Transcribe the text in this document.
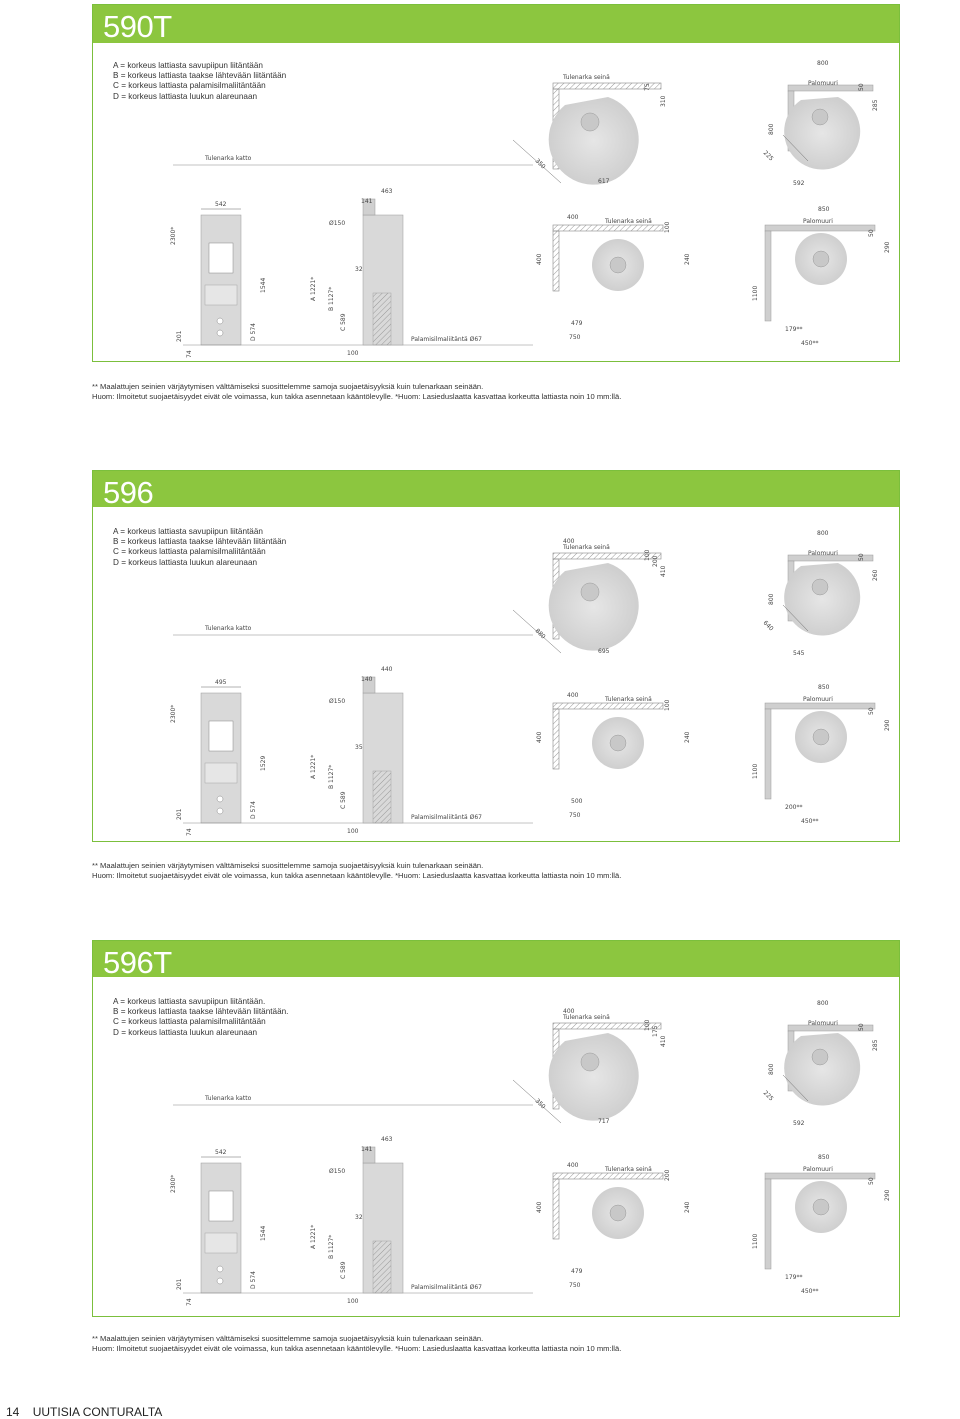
14 UUTISIA CONTURALTA
590T
A = korkeus lattiasta savupiipun liitäntään
B = korkeus lattiasta taakse lähtevään liitäntään
C = korkeus lattiasta palamisilmaliitäntään
D = korkeus lattiasta luukun alareunaan
Tulenarka seinä
75
310
350
617
Palomuuri
800
50
285
800
225
592
Tulenarka katto
542
2300*
1544
D 574
201
74
463
141
Ø150
32
A 1221* B 1127*
C 589
100
Palamisilmaliitäntä Ø67
400
Tulenarka seinä
100
240
400
479
750
850
Palomuuri
50
290
1100
179**
450**
** Maalattujen seinien värjäytymisen välttämiseksi suosittelemme samoja suojaetäisyyksiä kuin tulenarkaan seinään.
Huom: Ilmoitetut suojaetäisyydet eivät ole voimassa, kun takka asennetaan kääntölevylle. *Huom: Lasieduslaatta kasvattaa korkeutta lattiasta noin 10 mm:llä.
596
A = korkeus lattiasta savupiipun liitäntään
B = korkeus lattiasta taakse lähtevään liitäntään
C = korkeus lattiasta palamisilmaliitäntään
D = korkeus lattiasta luukun alareunaan
Tulenarka seinä
100
410
400
200
880
695
Palomuuri
800
50
260
800
640
545
Tulenarka katto
495
2300*
1529
D 574
201
74
440
140
Ø150
35
A 1221* B 1127*
C 589
100
Palamisilmaliitäntä Ø67
400
Tulenarka seinä
100
240
400
500
750
850
Palomuuri
50
290
1100
200**
450**
** Maalattujen seinien värjäytymisen välttämiseksi suosittelemme samoja suojaetäisyyksiä kuin tulenarkaan seinään.
Huom: Ilmoitetut suojaetäisyydet eivät ole voimassa, kun takka asennetaan kääntölevylle. *Huom: Lasieduslaatta kasvattaa korkeutta lattiasta noin 10 mm:llä.
596T
A = korkeus lattiasta savupiipun liitäntään.
B = korkeus lattiasta taakse lähtevään liitäntään.
C = korkeus lattiasta palamisilmaliitäntään
D = korkeus lattiasta luukun alareunaan
Tulenarka seinä
100
410
400
175
350
717
Palomuuri
800
50
285
800
225
592
Tulenarka katto
542
2300*
1544
D 574
201
74
463
141
Ø150
32
A 1221* B 1127*
C 589
100
Palamisilmaliitäntä Ø67
400
Tulenarka seinä
200
240
400
479
750
850
Palomuuri
50
290
1100
179**
450**
** Maalattujen seinien värjäytymisen välttämiseksi suosittelemme samoja suojaetäisyyksiä kuin tulenarkaan seinään.
Huom: Ilmoitetut suojaetäisyydet eivät ole voimassa, kun takka asennetaan kääntölevylle. *Huom: Lasieduslaatta kasvattaa korkeutta lattiasta noin 10 mm:llä.
